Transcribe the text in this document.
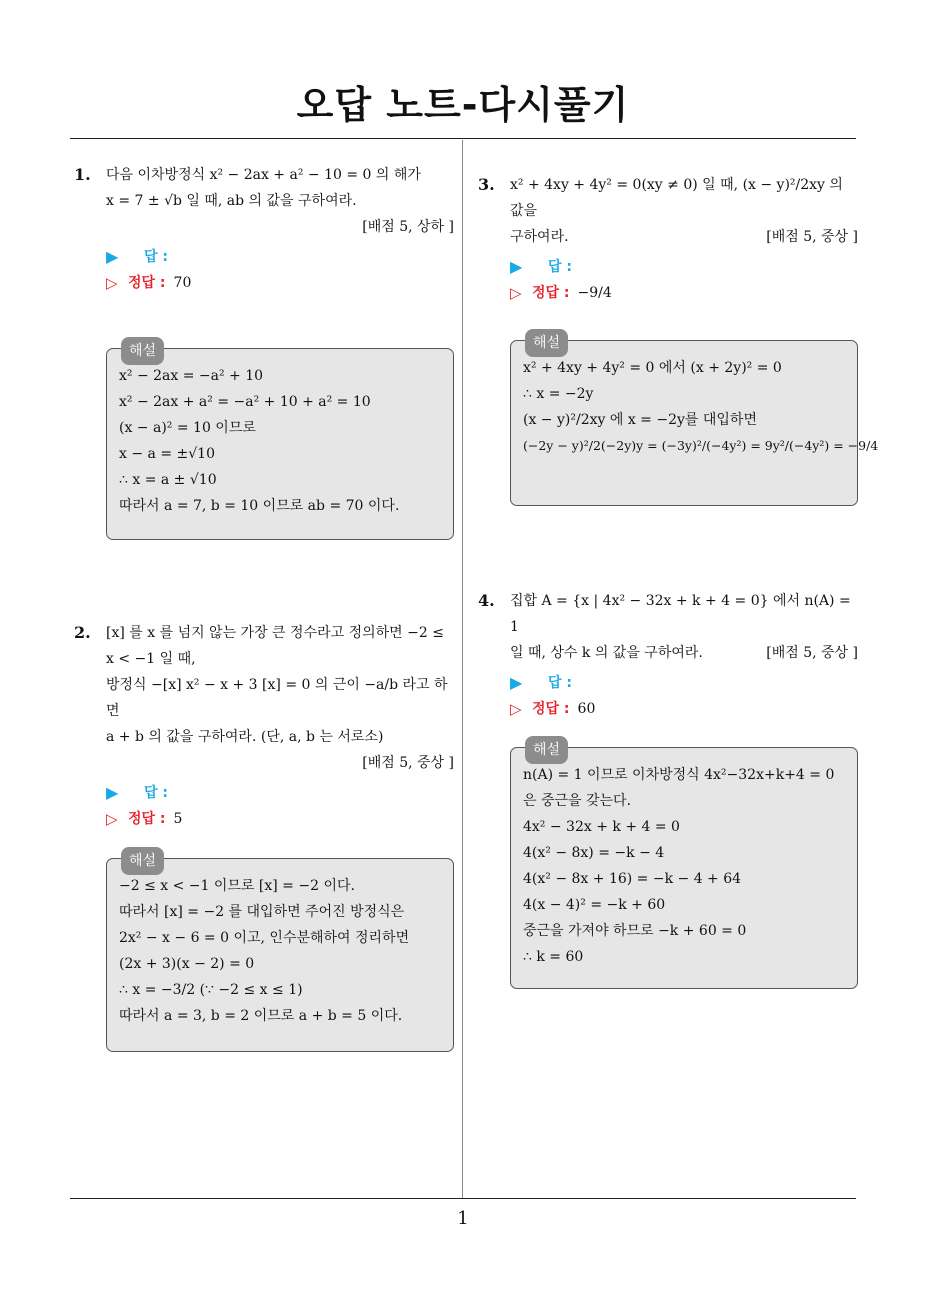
오답 노트-다시풀기
1. 다음 이차방정식 x² − 2ax + a² − 10 = 0 의 해가
x = 7 ± √b 일 때, ab 의 값을 구하여라.
[배점 5, 상하 ]
▶	답 :
▷ 정답 : 70
해설
x² − 2ax = −a² + 10
x² − 2ax + a² = −a² + 10 + a² = 10
(x − a)² = 10 이므로
x − a = ±√10
∴ x = a ± √10
따라서 a = 7, b = 10 이므로 ab = 70 이다.
2. [x] 를 x 를 넘지 않는 가장 큰 정수라고 정의하면 −2 ≤
x < −1 일 때,
방정식 −[x] x² − x + 3 [x] = 0 의 근이 −a/b 라고 하면
a + b 의 값을 구하여라. (단, a, b 는 서로소)
[배점 5, 중상 ]
▶	답 :
▷ 정답 : 5
해설
−2 ≤ x < −1 이므로 [x] = −2 이다.
따라서 [x] = −2 를 대입하면 주어진 방정식은
2x² − x − 6 = 0 이고, 인수분해하여 정리하면
(2x + 3)(x − 2) = 0
∴ x = −3/2 (∵ −2 ≤ x ≤ 1)
따라서 a = 3, b = 2 이므로 a + b = 5 이다.
3. x² + 4xy + 4y² = 0(xy ≠ 0) 일 때, (x − y)²/2xy 의 값을
구하여라.	[배점 5, 중상 ]
▶	답 :
▷ 정답 : −9/4
해설
x² + 4xy + 4y² = 0 에서 (x + 2y)² = 0
∴ x = −2y
(x − y)²/2xy 에 x = −2y를 대입하면
(−2y − y)²/2(−2y)y = (−3y)²/(−4y²) = 9y²/(−4y²) = −9/4
4. 집합 A = {x | 4x² − 32x + k + 4 = 0} 에서 n(A) = 1
일 때, 상수 k 의 값을 구하여라.	[배점 5, 중상 ]
▶	답 :
▷ 정답 : 60
해설
n(A) = 1 이므로 이차방정식 4x²−32x+k+4 = 0
은 중근을 갖는다.
4x² − 32x + k + 4 = 0
4(x² − 8x) = −k − 4
4(x² − 8x + 16) = −k − 4 + 64
4(x − 4)² = −k + 60
중근을 가져야 하므로 −k + 60 = 0
∴ k = 60
1
